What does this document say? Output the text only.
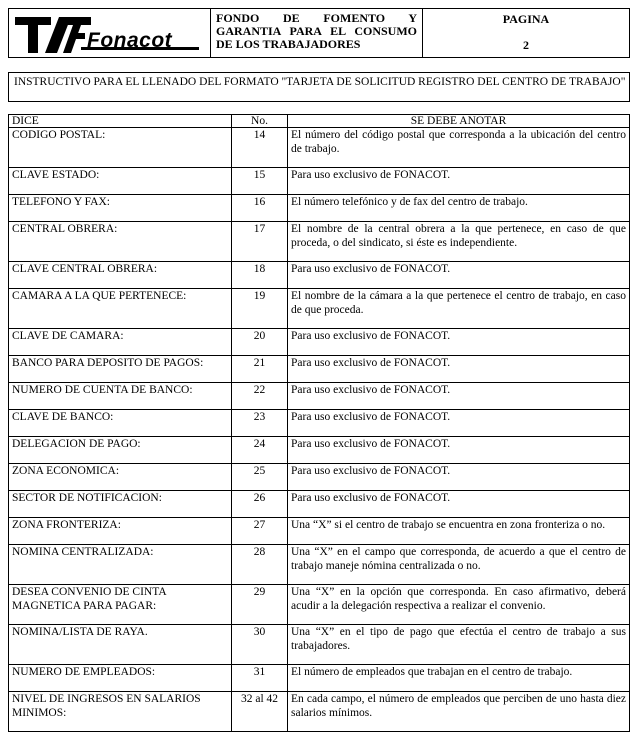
Fonacot
FONDO DE FOMENTO Y GARANTIA PARA EL CONSUMO DE LOS TRABAJADORES
PAGINA
2
INSTRUCTIVO PARA EL LLENADO DEL FORMATO "TARJETA DE SOLICITUD REGISTRO DEL CENTRO DE TRABAJO"
DICE	No.	SE DEBE ANOTAR
CODIGO POSTAL:	14	El número del código postal que corresponda a la ubicación del centro de trabajo.
CLAVE ESTADO:	15	Para uso exclusivo de FONACOT.
TELEFONO Y FAX:	16	El número telefónico y de fax del centro de trabajo.
CENTRAL OBRERA:	17	El nombre de la central obrera a la que pertenece, en caso de que proceda, o del sindicato, si éste es independiente.
CLAVE CENTRAL OBRERA:	18	Para uso exclusivo de FONACOT.
CAMARA A LA QUE PERTENECE:	19	El nombre de la cámara a la que pertenece el centro de trabajo, en caso de que proceda.
CLAVE DE CAMARA:	20	Para uso exclusivo de FONACOT.
BANCO PARA DEPOSITO DE PAGOS:	21	Para uso exclusivo de FONACOT.
NUMERO DE CUENTA DE BANCO:	22	Para uso exclusivo de FONACOT.
CLAVE DE BANCO:	23	Para uso exclusivo de FONACOT.
DELEGACION DE PAGO:	24	Para uso exclusivo de FONACOT.
ZONA ECONOMICA:	25	Para uso exclusivo de FONACOT.
SECTOR DE NOTIFICACION:	26	Para uso exclusivo de FONACOT.
ZONA FRONTERIZA:	27	Una “X” si el centro de trabajo se encuentra en zona fronteriza o no.
NOMINA CENTRALIZADA:	28	Una “X” en el campo que corresponda, de acuerdo a que el centro de trabajo maneje nómina centralizada o no.
DESEA CONVENIO DE CINTA MAGNETICA PARA PAGAR:	29	Una “X” en la opción que corresponda. En caso afirmativo, deberá acudir a la delegación respectiva a realizar el convenio.
NOMINA/LISTA DE RAYA.	30	Una “X” en el tipo de pago que efectúa el centro de trabajo a sus trabajadores.
NUMERO DE EMPLEADOS:	31	El número de empleados que trabajan en el centro de trabajo.
NIVEL DE INGRESOS EN SALARIOS MINIMOS:	32 al 42	En cada campo, el número de empleados que perciben de uno hasta diez salarios mínimos.
